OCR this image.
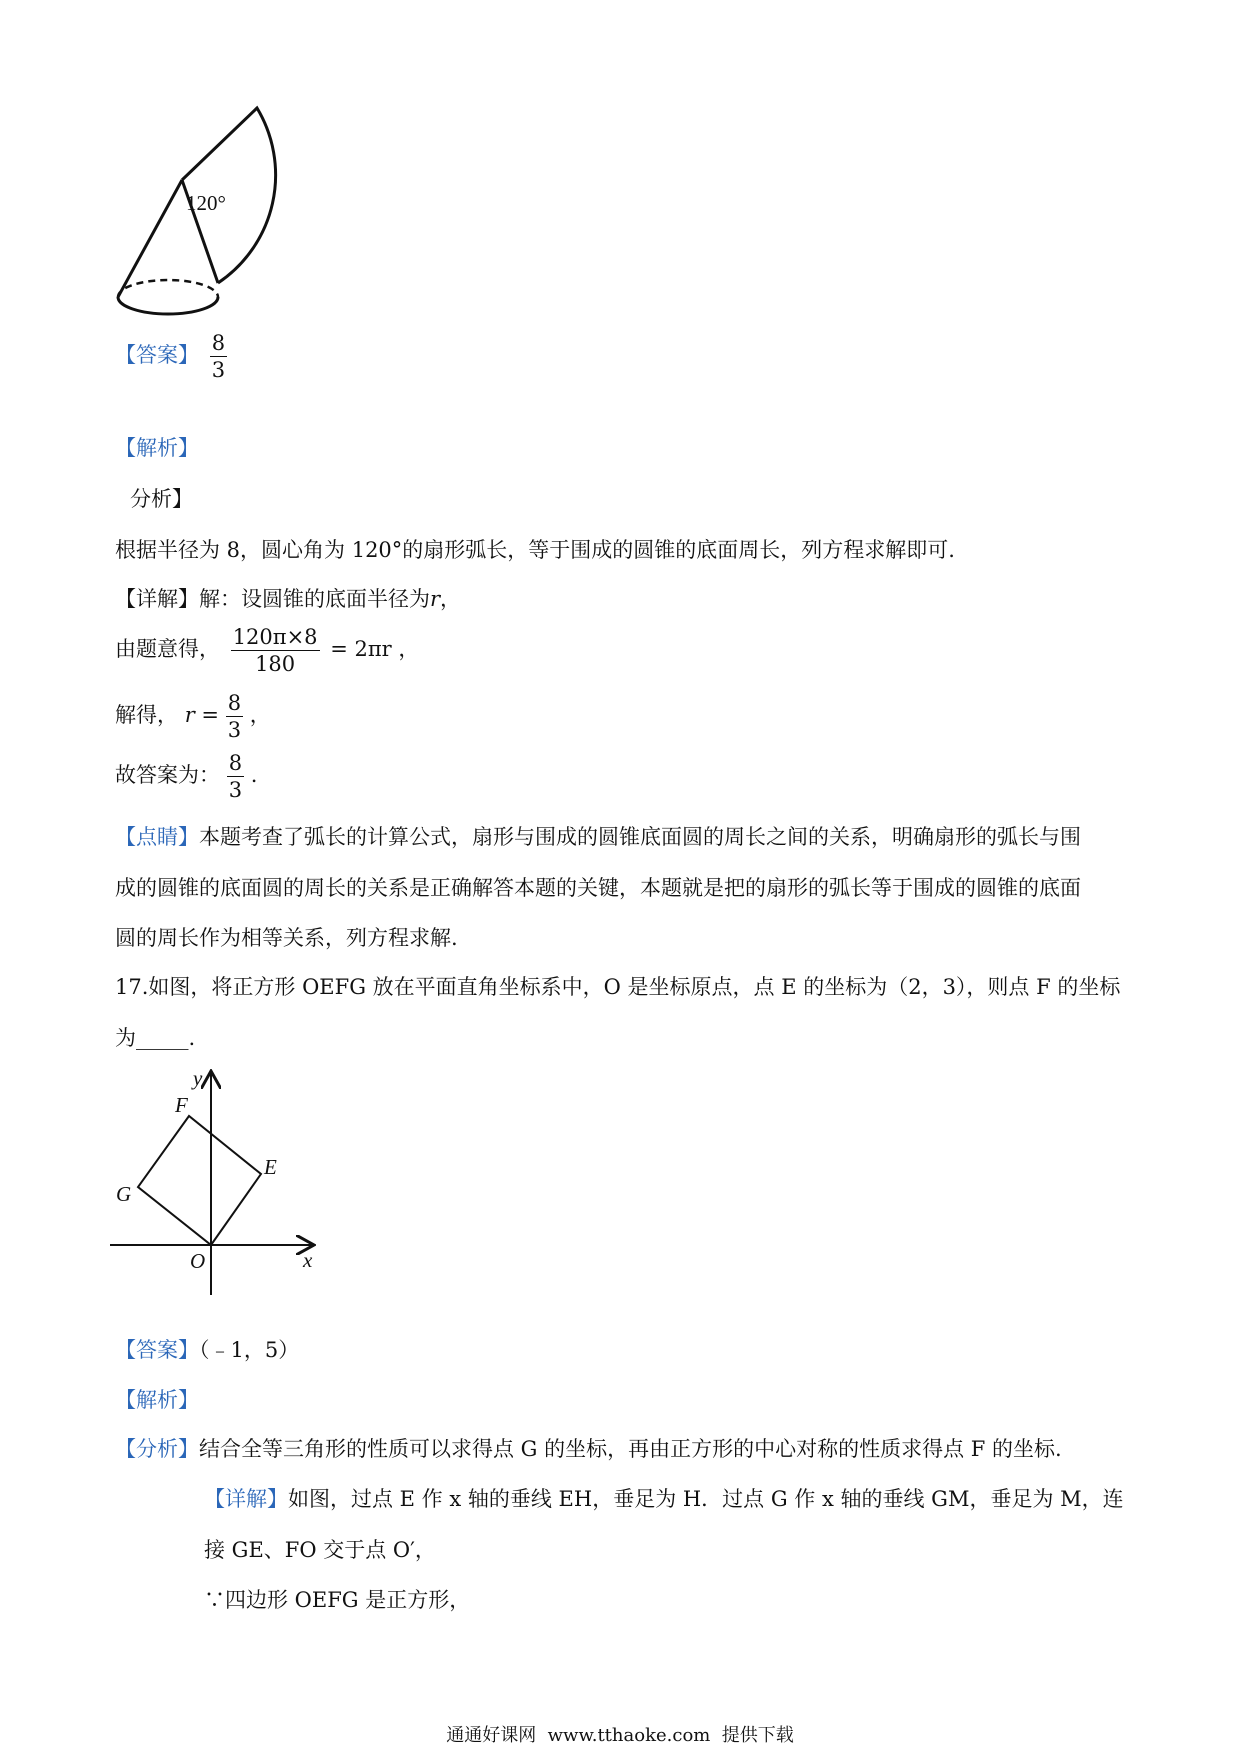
120°
【答案】 $\frac{8}{3}$
【解析】
分析】
根据半径为 8，圆心角为 120°的扇形弧长，等于围成的圆锥的底面周长，列方程求解即可.
【详解】解：设圆锥的底面半径为r，
由题意得， $\frac{120\pi\times 8}{180} = 2\pi r$ ，
解得， $r = \frac{8}{3}$ ，
故答案为： $\frac{8}{3}$ .
【点睛】本题考查了弧长的计算公式，扇形与围成的圆锥底面圆的周长之间的关系，明确扇形的弧长与围
成的圆锥的底面圆的周长的关系是正确解答本题的关键，本题就是把的扇形的弧长等于围成的圆锥的底面
圆的周长作为相等关系，列方程求解.
17.如图，将正方形 OEFG 放在平面直角坐标系中，O 是坐标原点，点 E 的坐标为（2，3），则点 F 的坐标
为_____.
y
x
O
E
F
G
【答案】（﹣1，5）
【解析】
【分析】结合全等三角形的性质可以求得点 G 的坐标，再由正方形的中心对称的性质求得点 F 的坐标.
【详解】如图，过点 E 作 x 轴的垂线 EH，垂足为 H．过点 G 作 x 轴的垂线 GM，垂足为 M，连
接 GE、FO 交于点 O′，
∵四边形 OEFG 是正方形，
通通好课网  www.tthaoke.com  提供下载
